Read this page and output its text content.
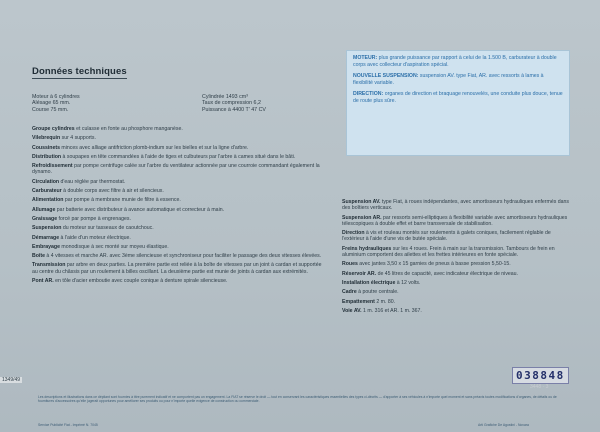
MOTEUR: plus grande puissance par rapport à celui de la 1.500 B, carburateur à double corps avec collecteur d'aspiration spécial.

NOUVELLE SUSPENSION: suspension AV. type Fiat, AR. avec ressorts à lames à flexibilité variable.

DIRECTION: organes de direction et braquage renouvelés, une conduite plus douce, tenue de route plus sûre.

Données techniques
Moteur à 6 cylindres
Alésage 65 mm.
Course 75 mm.
Cylindrée 1493 cm³
Taux de compression 6,2
Puissance à 4400 T' 47 CV

Groupe cylindres et culasse en fonte au phosphore manganèse.

Vilebrequin sur 4 supports.

Coussinets minces avec alliage antifriction plomb-indium sur les bielles et sur la ligne d'arbre.

Distribution à soupapes en tête commandées à l'aide de tiges et culbuteurs par l'arbre à cames situé dans le bâti.

Refroidissement par pompe centrifuge calée sur l'arbre du ventilateur actionnée par une courroie commandant également la dynamo.

Circulation d'eau réglée par thermostat.

Carburateur à double corps avec filtre à air et silencieux.

Alimentation par pompe à membrane munie de filtre à essence.

Allumage par batterie avec distributeur à avance automatique et correcteur à main.

Graissage forcé par pompe à engrenages.

Suspension du moteur sur tasseaux de caoutchouc.

Démarrage à l'aide d'un moteur électrique.

Embrayage monodisque à sec monté sur moyeu élastique.

Boîte à 4 vitesses et marche AR. avec 3ème silencieuse et synchroniseur pour faciliter le passage des deux vitesses élevées.

Transmission par arbre en deux parties. La première partie est reliée à la boîte de vitesses par un joint à cardan et supportée au centre du châssis par un roulement à billes oscillant. La deuxième partie est munie de joints à cardan aux extrémités.

Pont AR. en tôle d'acier emboutie avec couple conique à denture spirale silencieuse.

Suspension AV. type Fiat, à roues indépendantes, avec amortisseurs hydrauliques enfermés dans des boîtiers verticaux.

Suspension AR. par ressorts semi-elliptiques à flexibilité variable avec amortisseurs hydrauliques télescopiques à double effet et barre transversale de stabilisation.

Direction à vis et rouleau montés sur roulements à galets coniques, facilement réglable de l'extérieur à l'aide d'une vis de butée spéciale.

Freins hydrauliques sur les 4 roues. Frein à main sur la transmission. Tambours de frein en aluminium comportent des ailettes et les frettes intérieures en fonte spéciale.

Roues avec jantes 3,50 x 15 garnies de pneus à basse pression 5,50-15.

Réservoir AR. de 45 litres de capacité, avec indicateur électrique de niveau.

Installation électrique à 12 volts.

Cadre à poutre centrale.

Empattement 2 m. 80.

Voie AV. 1 m. 316 et AR. 1 m. 367.

1349/49	038848
3448 · 3
Les descriptions et illustrations dans ce dépliant sont fournies à titre purement indicatif et ne comportent pas un engagement. La FIAT se réserve le droit — tout en conservant les caractéristiques essentielles des types ci-décrits — d'apporter à ses véhicules à n'importe quel moment et sans préavis toutes modifications d'organes, de détails ou de fournitures d'accessoires qu'elle jugerait opportunes pour améliorer ses produits ou pour n'importe quelle exigence de construction ou commerciale.
Service Publicité Fiat - Imprimé N. 7045	Arti Grafiche De Agostini - Novara
